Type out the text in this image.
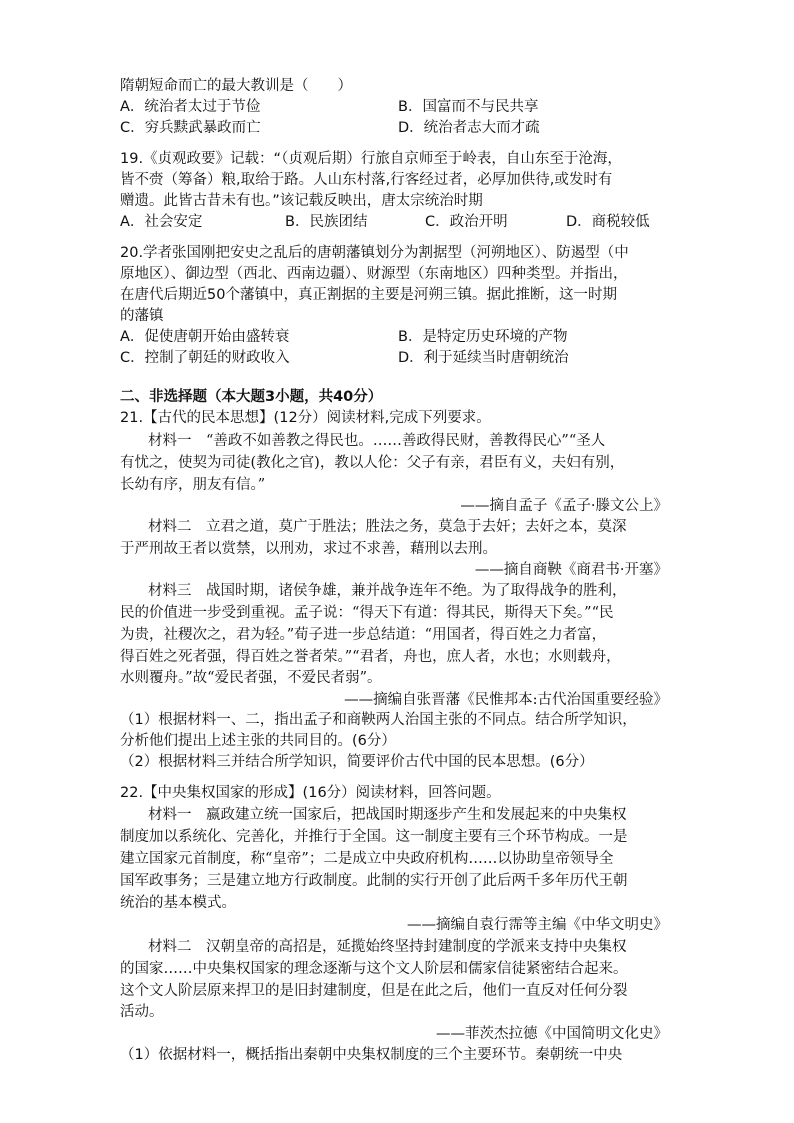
隋朝短命而亡的最大教训是（　　）
A．统治者太过于节俭	B．国富而不与民共享
C．穷兵黩武暴政而亡	D．统治者志大而才疏
19.《贞观政要》记载：“（贞观后期）行旅自京师至于岭表，自山东至于沧海，
皆不赍（筹备）粮,取给于路。人山东村落,行客经过者，必厚加供待,或发时有
赠遗。此皆古昔未有也。”该记载反映出，唐太宗统治时期
A．社会安定	B．民族团结	C．政治开明	D．商税较低
20.学者张国刚把安史之乱后的唐朝藩镇划分为割据型（河朔地区）、防遏型（中
原地区）、御边型（西北、西南边疆）、财源型（东南地区）四种类型。并指出，
在唐代后期近50个藩镇中，真正割据的主要是河朔三镇。据此推断，这一时期
的藩镇
A．促使唐朝开始由盛转衰	B．是特定历史环境的产物
C．控制了朝廷的财政收入	D．利于延续当时唐朝统治
二、非选择题（本大题3小题，共40分）
21.【古代的民本思想】(12分）阅读材料,完成下列要求。
材料一　“善政不如善教之得民也。……善政得民财，善教得民心”“圣人
有忧之，使契为司徒(教化之官)，教以人伦：父子有亲，君臣有义，夫妇有别，
长幼有序，朋友有信。”
——摘自孟子《孟子·滕文公上》
材料二　立君之道，莫广于胜法；胜法之务，莫急于去奸；去奸之本，莫深
于严刑故王者以赏禁，以刑劝，求过不求善，藉刑以去刑。
——摘自商鞅《商君书·开塞》
材料三　战国时期，诸侯争雄，兼并战争连年不绝。为了取得战争的胜利，
民的价值进一步受到重视。孟子说：“得天下有道：得其民，斯得天下矣。”“民
为贵，社稷次之，君为轻。”荀子进一步总结道：“用国者，得百姓之力者富，
得百姓之死者强，得百姓之誉者荣。”“君者，舟也，庶人者，水也；水则载舟，
水则覆舟。”故“爱民者强，不爱民者弱”。
——摘编自张晋藩《民惟邦本:古代治国重要经验》
（1）根据材料一、二，指出孟子和商鞅两人治国主张的不同点。结合所学知识，
分析他们提出上述主张的共同目的。(6分）
（2）根据材料三并结合所学知识，简要评价古代中国的民本思想。(6分）
22.【中央集权国家的形成】(16分）阅读材料，回答问题。
材料一　嬴政建立统一国家后，把战国时期逐步产生和发展起来的中央集权
制度加以系统化、完善化，并推行于全国。这一制度主要有三个环节构成。一是
建立国家元首制度，称“皇帝”；二是成立中央政府机构……以协助皇帝领导全
国军政事务；三是建立地方行政制度。此制的实行开创了此后两千多年历代王朝
统治的基本模式。
——摘编自袁行霈等主编《中华文明史》
材料二　汉朝皇帝的高招是，延揽始终坚持封建制度的学派来支持中央集权
的国家……中央集权国家的理念逐渐与这个文人阶层和儒家信徒紧密结合起来。
这个文人阶层原来捍卫的是旧封建制度，但是在此之后，他们一直反对任何分裂
活动。
——菲茨杰拉德《中国简明文化史》
（1）依据材料一，概括指出秦朝中央集权制度的三个主要环节。秦朝统一中央
